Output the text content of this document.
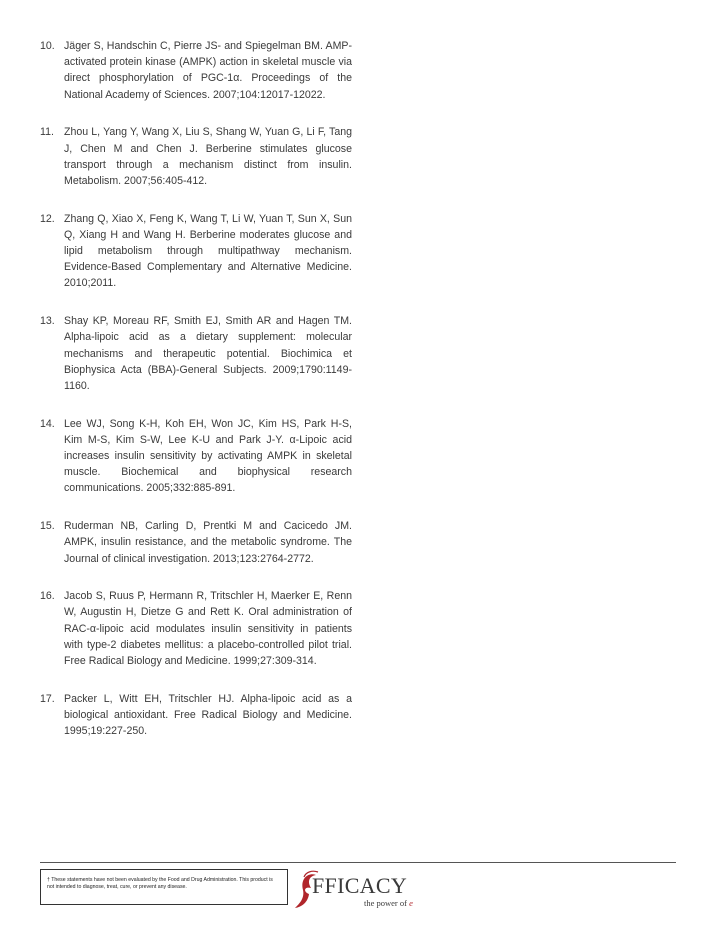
10. Jäger S, Handschin C, Pierre JS- and Spiegelman BM. AMP-activated protein kinase (AMPK) action in skeletal muscle via direct phosphorylation of PGC-1α. Proceedings of the National Academy of Sciences. 2007;104:12017-12022.
11. Zhou L, Yang Y, Wang X, Liu S, Shang W, Yuan G, Li F, Tang J, Chen M and Chen J. Berberine stimulates glucose transport through a mechanism distinct from insulin. Metabolism. 2007;56:405-412.
12. Zhang Q, Xiao X, Feng K, Wang T, Li W, Yuan T, Sun X, Sun Q, Xiang H and Wang H. Berberine moderates glucose and lipid metabolism through multipathway mechanism. Evidence-Based Complementary and Alternative Medicine. 2010;2011.
13. Shay KP, Moreau RF, Smith EJ, Smith AR and Hagen TM. Alpha-lipoic acid as a dietary supplement: molecular mechanisms and therapeutic potential. Biochimica et Biophysica Acta (BBA)-General Subjects. 2009;1790:1149-1160.
14. Lee WJ, Song K-H, Koh EH, Won JC, Kim HS, Park H-S, Kim M-S, Kim S-W, Lee K-U and Park J-Y. α-Lipoic acid increases insulin sensitivity by activating AMPK in skeletal muscle. Biochemical and biophysical research communications. 2005;332:885-891.
15. Ruderman NB, Carling D, Prentki M and Cacicedo JM. AMPK, insulin resistance, and the metabolic syndrome. The Journal of clinical investigation. 2013;123:2764-2772.
16. Jacob S, Ruus P, Hermann R, Tritschler H, Maerker E, Renn W, Augustin H, Dietze G and Rett K. Oral administration of RAC-α-lipoic acid modulates insulin sensitivity in patients with type-2 diabetes mellitus: a placebo-controlled pilot trial. Free Radical Biology and Medicine. 1999;27:309-314.
17. Packer L, Witt EH, Tritschler HJ. Alpha-lipoic acid as a biological antioxidant. Free Radical Biology and Medicine. 1995;19:227-250.
† These statements have not been evaluated by the Food and Drug Administration. This product is not intended to diagnose, treat, cure, or prevent any disease.	FFICACY
the power of e
